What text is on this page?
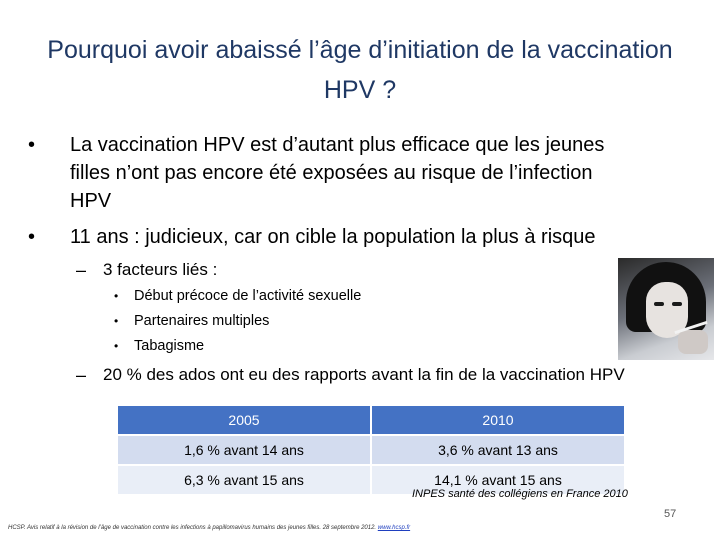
Pourquoi avoir abaissé l’âge d’initiation de la vaccination HPV ?
• La vaccination HPV est d’autant plus efficace que les jeunes
filles n’ont pas encore été exposées au risque de l’infection
HPV
• 11 ans : judicieux, car on cible la population la plus à risque
– 3 facteurs liés :
• Début précoce de l’activité sexuelle
• Partenaires multiples
• Tabagisme
– 20 % des ados ont eu des rapports avant la fin de la vaccination HPV
2005	2010
1,6 % avant 14 ans	3,6 % avant 13 ans
6,3 % avant 15 ans	14,1 % avant 15 ans
INPES santé des collégiens en France 2010
57
HCSP. Avis relatif à la révision de l’âge de vaccination contre les infections à papillomavirus humains des jeunes filles. 28 septembre 2012. www.hcsp.fr
